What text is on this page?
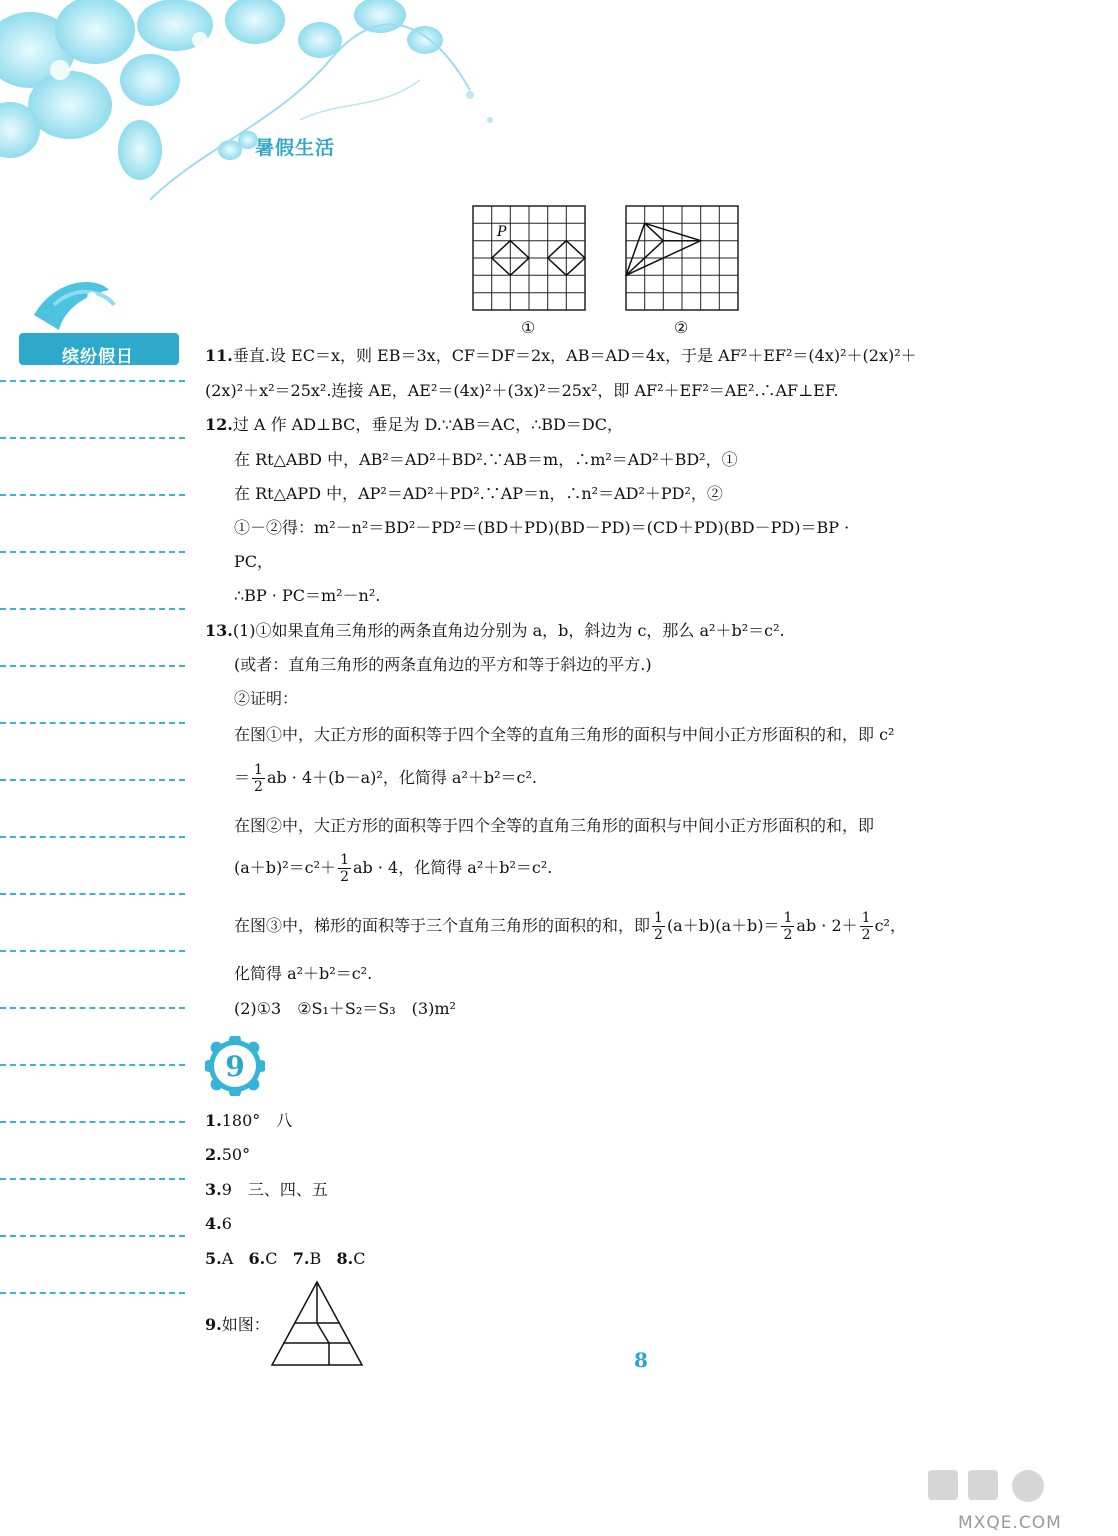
暑假生活
缤纷假日
P
①	②
11.垂直.设 EC＝x，则 EB＝3x，CF＝DF＝2x，AB＝AD＝4x，于是 AF²＋EF²＝(4x)²＋(2x)²＋
(2x)²＋x²＝25x².连接 AE，AE²＝(4x)²＋(3x)²＝25x²，即 AF²＋EF²＝AE².∴AF⊥EF.
12.过 A 作 AD⊥BC，垂足为 D.∵AB＝AC，∴BD＝DC，
在 Rt△ABD 中，AB²＝AD²＋BD².∵AB＝m，∴m²＝AD²＋BD²，①
在 Rt△APD 中，AP²＝AD²＋PD².∵AP＝n，∴n²＝AD²＋PD²，②
①－②得：m²－n²＝BD²－PD²＝(BD＋PD)(BD－PD)＝(CD＋PD)(BD－PD)＝BP ·
PC，
∴BP · PC＝m²－n².
13.(1)①如果直角三角形的两条直角边分别为 a，b，斜边为 c，那么 a²＋b²＝c².
(或者：直角三角形的两条直角边的平方和等于斜边的平方.)
②证明：
在图①中，大正方形的面积等于四个全等的直角三角形的面积与中间小正方形面积的和，即 c²
＝ $\frac{1}{2}$ ab · 4＋(b－a)²，化简得 a²＋b²＝c².
在图②中，大正方形的面积等于四个全等的直角三角形的面积与中间小正方形面积的和，即
$(a+b)^2=c^2+ \frac{1}{2}$ ab · 4，化简得 a²＋b²＝c².
在图③中，梯形的面积等于三个直角三角形的面积的和，即 $\frac{1}{2} (a+b)(a+b)= \frac{1}{2}$ ab · $2+ \frac{1}{2} c^2$，
化简得 a²＋b²＝c².
(2)①3　②S₁＋S₂＝S₃　(3)m²
9
1.180°　八
2.50°
3.9　三、四、五
4.6
5.A 6.C 7.B 8.C
9.如图：
8
MXQE.COM
